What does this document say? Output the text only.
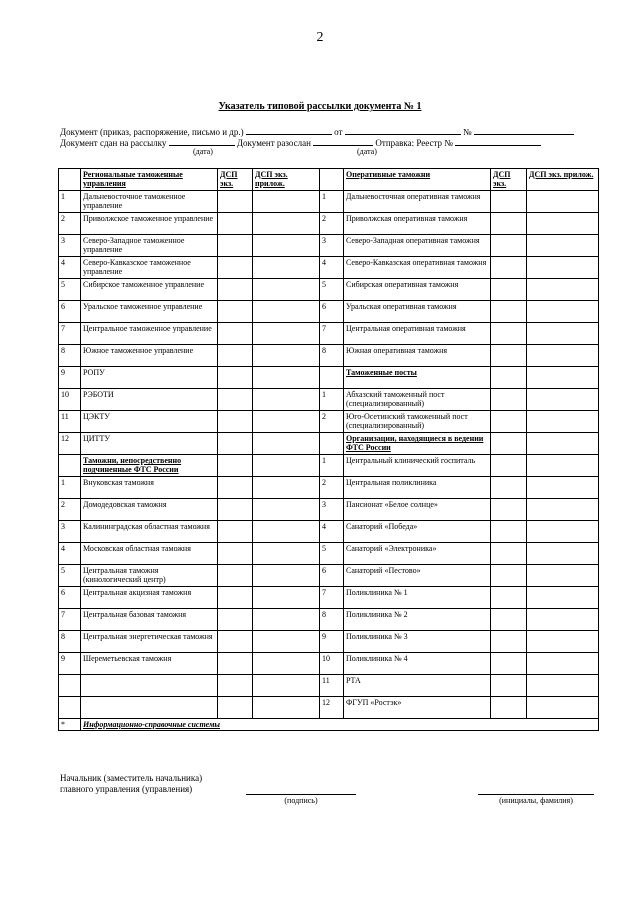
2
Указатель типовой рассылки документа № 1
Документ (приказ, распоряжение, письмо и др.)	от	№
Документ сдан на рассылку	Документ разослан	Отправка: Реестр №
(дата)	(дата)
	Региональные таможенные управления	ДСП экз.	ДСП экз. прилож.		Оперативные таможни	ДСП экз.	ДСП экз. прилож.
1	Дальневосточное таможенное управление			1	Дальневосточная оперативная таможня		
2	Приволжское таможенное управление			2	Приволжская оперативная таможня		
3	Северо-Западное таможенное управление			3	Северо-Западная оперативная таможня		
4	Северо-Кавказское таможенное управление			4	Северо-Кавказская оперативная таможня		
5	Сибирское таможенное управление			5	Сибирская оперативная таможня		
6	Уральское таможенное управление			6	Уральская оперативная таможня		
7	Центральное таможенное управление			7	Центральная оперативная таможня		
8	Южное таможенное управление			8	Южная оперативная таможня		
9	РОПУ				Таможенные посты		
10	РЭБОТИ			1	Абхазский таможенный пост (специализированный)		
11	ЦЭКТУ			2	Юго-Осетинский таможенный пост (специализированный)		
12	ЦИТТУ				Организации, находящиеся в ведении ФТС России		
	Таможни, непосредственно подчиненные ФТС России			1	Центральный клинический госпиталь		
1	Внуковская таможня			2	Центральная поликлиника		
2	Домодедовская таможня			3	Пансионат «Белое солнце»		
3	Калининградская областная таможня			4	Санаторий «Победа»		
4	Московская областная таможня			5	Санаторий «Электроника»		
5	Центральная таможня (кинологический центр)			6	Санаторий «Пестово»		
6	Центральная акцизная таможня			7	Поликлиника № 1		
7	Центральная базовая таможня			8	Поликлиника № 2		
8	Центральная энергетическая таможня			9	Поликлиника № 3		
9	Шереметьевская таможня			10	Поликлиника № 4		
				11	РТА		
				12	ФГУП «Ростэк»		
*	Информационно-справочные системы						
Начальник (заместитель начальника)
главного управления (управления)
(подпись)	(инициалы, фамилия)
